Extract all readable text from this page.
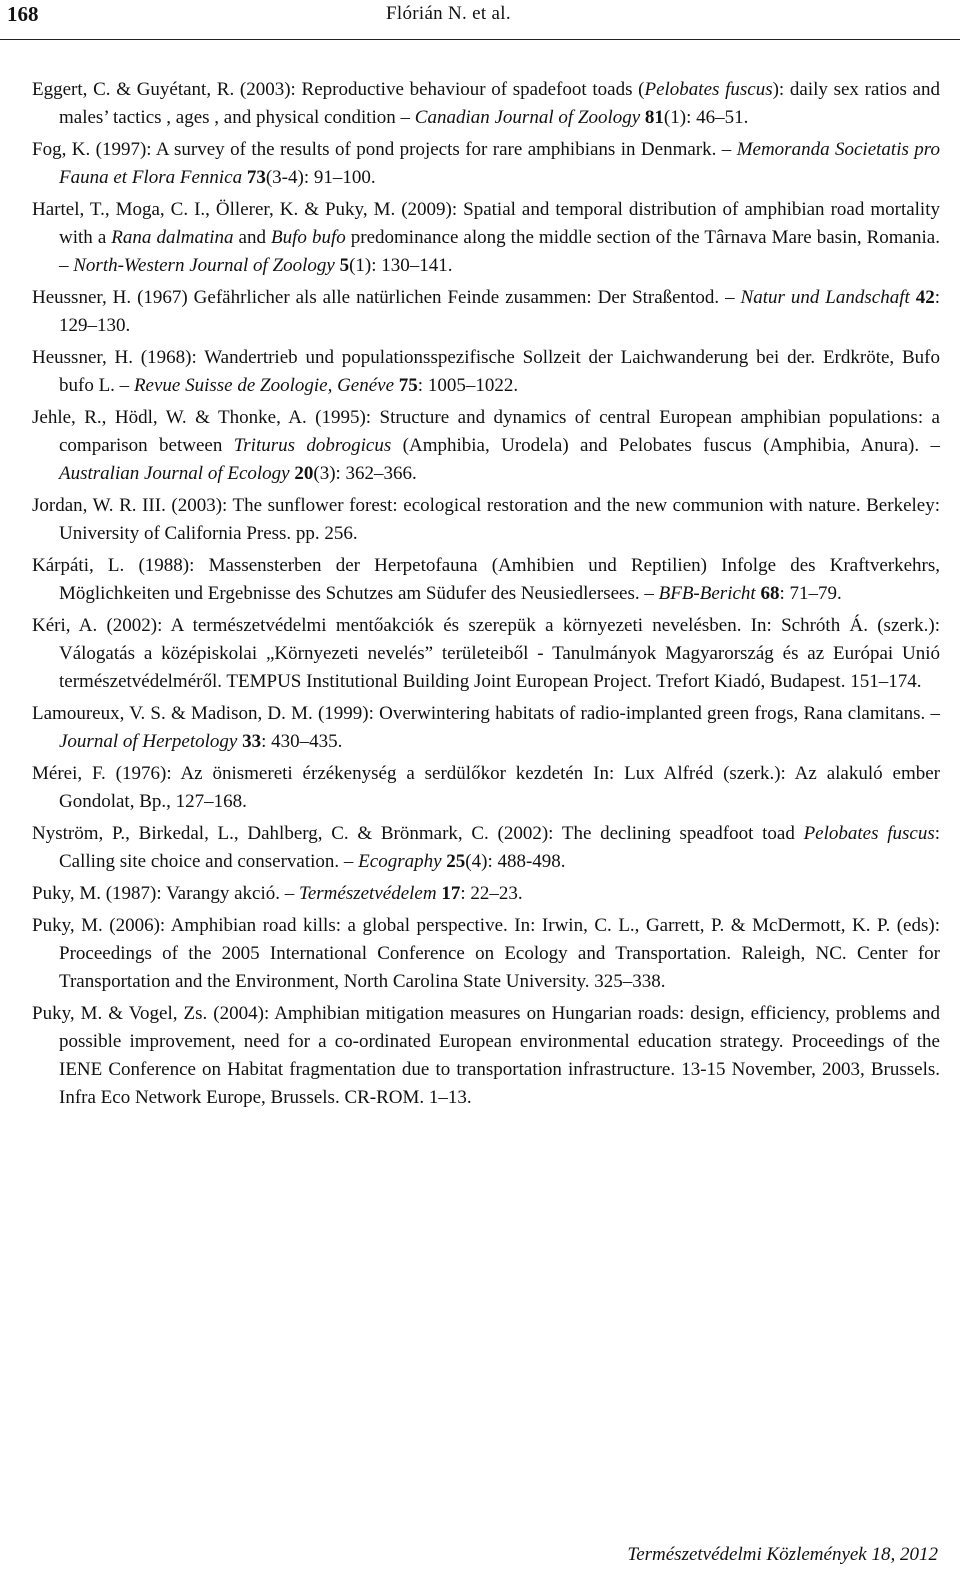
168	Flórián N. et al.

Eggert, C. & Guyétant, R. (2003): Reproductive behaviour of spadefoot toads (Pelobates fuscus): daily sex ratios and males’ tactics , ages , and physical condition – Canadian Journal of Zoology 81(1): 46–51.

Fog, K. (1997): A survey of the results of pond projects for rare amphibians in Denmark. – Memoranda Societatis pro Fauna et Flora Fennica 73(3-4): 91–100.

Hartel, T., Moga, C. I., Öllerer, K. & Puky, M. (2009): Spatial and temporal distribution of amphibian road mortality with a Rana dalmatina and Bufo bufo predominance along the middle section of the Târnava Mare basin, Romania. – North-Western Journal of Zoology 5(1): 130–141.

Heussner, H. (1967) Gefährlicher als alle natürlichen Feinde zusammen: Der Straßentod. – Natur und Landschaft 42: 129–130.

Heussner, H. (1968): Wandertrieb und populationsspezifische Sollzeit der Laichwanderung bei der. Erdkröte, Bufo bufo L. – Revue Suisse de Zoologie, Genéve 75: 1005–1022.

Jehle, R., Hödl, W. & Thonke, A. (1995): Structure and dynamics of central European amphibian populations: a comparison between Triturus dobrogicus (Amphibia, Urodela) and Pelobates fuscus (Amphibia, Anura). – Australian Journal of Ecology 20(3): 362–366.

Jordan, W. R. III. (2003): The sunflower forest: ecological restoration and the new communion with nature. Berkeley: University of California Press. pp. 256.

Kárpáti, L. (1988): Massensterben der Herpetofauna (Amhibien und Reptilien) Infolge des Kraftverkehrs, Möglichkeiten und Ergebnisse des Schutzes am Südufer des Neusiedlersees. – BFB-Bericht 68: 71–79.

Kéri, A. (2002): A természetvédelmi mentőakciók és szerepük a környezeti nevelésben. In: Schróth Á. (szerk.): Válogatás a középiskolai „Környezeti nevelés” területeiből - Tanulmányok Magyarország és az Európai Unió természetvédelméről. TEMPUS Institutional Building Joint European Project. Trefort Kiadó, Budapest. 151–174.

Lamoureux, V. S. & Madison, D. M. (1999): Overwintering habitats of radio-implanted green frogs, Rana clamitans. – Journal of Herpetology 33: 430–435.

Mérei, F. (1976): Az önismereti érzékenység a serdülőkor kezdetén In: Lux Alfréd (szerk.): Az alakuló ember Gondolat, Bp., 127–168.

Nyström, P., Birkedal, L., Dahlberg, C. & Brönmark, C. (2002): The declining speadfoot toad Pelobates fuscus: Calling site choice and conservation. – Ecography 25(4): 488-498.

Puky, M. (1987): Varangy akció. – Természetvédelem 17: 22–23.

Puky, M. (2006): Amphibian road kills: a global perspective. In: Irwin, C. L., Garrett, P. & McDermott, K. P. (eds): Proceedings of the 2005 International Conference on Ecology and Transportation. Raleigh, NC. Center for Transportation and the Environment, North Carolina State University. 325–338.

Puky, M. & Vogel, Zs. (2004): Amphibian mitigation measures on Hungarian roads: design, efficiency, problems and possible improvement, need for a co-ordinated European environmental education strategy. Proceedings of the IENE Conference on Habitat fragmentation due to transportation infrastructure. 13-15 November, 2003, Brussels. Infra Eco Network Europe, Brussels. CR-ROM. 1–13.

Természetvédelmi Közlemények 18, 2012
